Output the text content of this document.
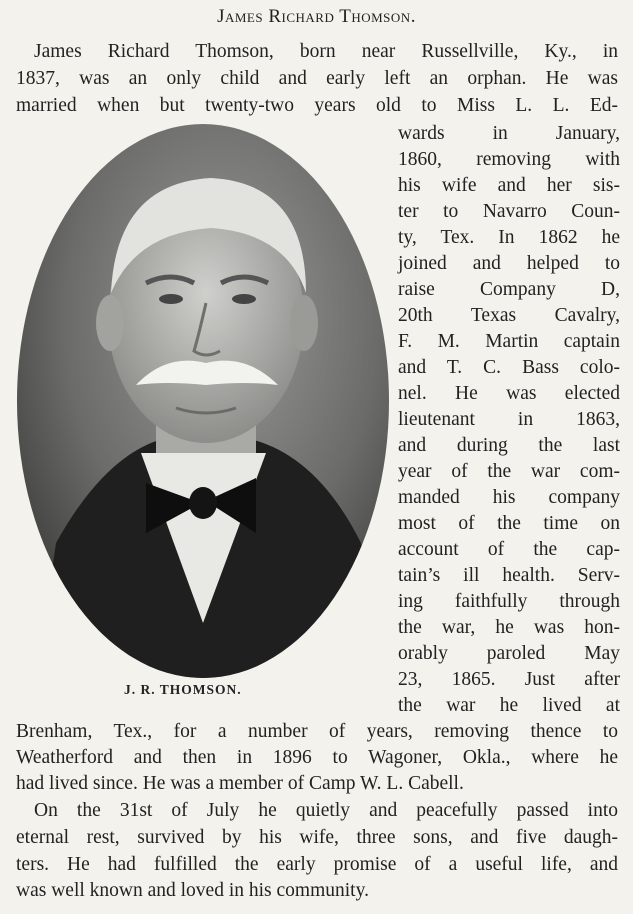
James Richard Thomson.
James Richard Thomson, born near Russellville, Ky., in
1837, was an only child and early left an orphan. He was
married when but twenty-two years old to Miss L. L. Ed-
J. R. THOMSON.
wards in January,
1860, removing with
his wife and her sis-
ter to Navarro Coun-
ty, Tex. In 1862 he
joined and helped to
raise Company D,
20th Texas Cavalry,
F. M. Martin captain
and T. C. Bass colo-
nel. He was elected
lieutenant in 1863,
and during the last
year of the war com-
manded his company
most of the time on
account of the cap-
tain’s ill health. Serv-
ing faithfully through
the war, he was hon-
orably paroled May
23, 1865. Just after
the war he lived at
Brenham, Tex., for a number of years, removing thence to
Weatherford and then in 1896 to Wagoner, Okla., where he
had lived since. He was a member of Camp W. L. Cabell.
On the 31st of July he quietly and peacefully passed into
eternal rest, survived by his wife, three sons, and five daugh-
ters. He had fulfilled the early promise of a useful life, and
was well known and loved in his community.
